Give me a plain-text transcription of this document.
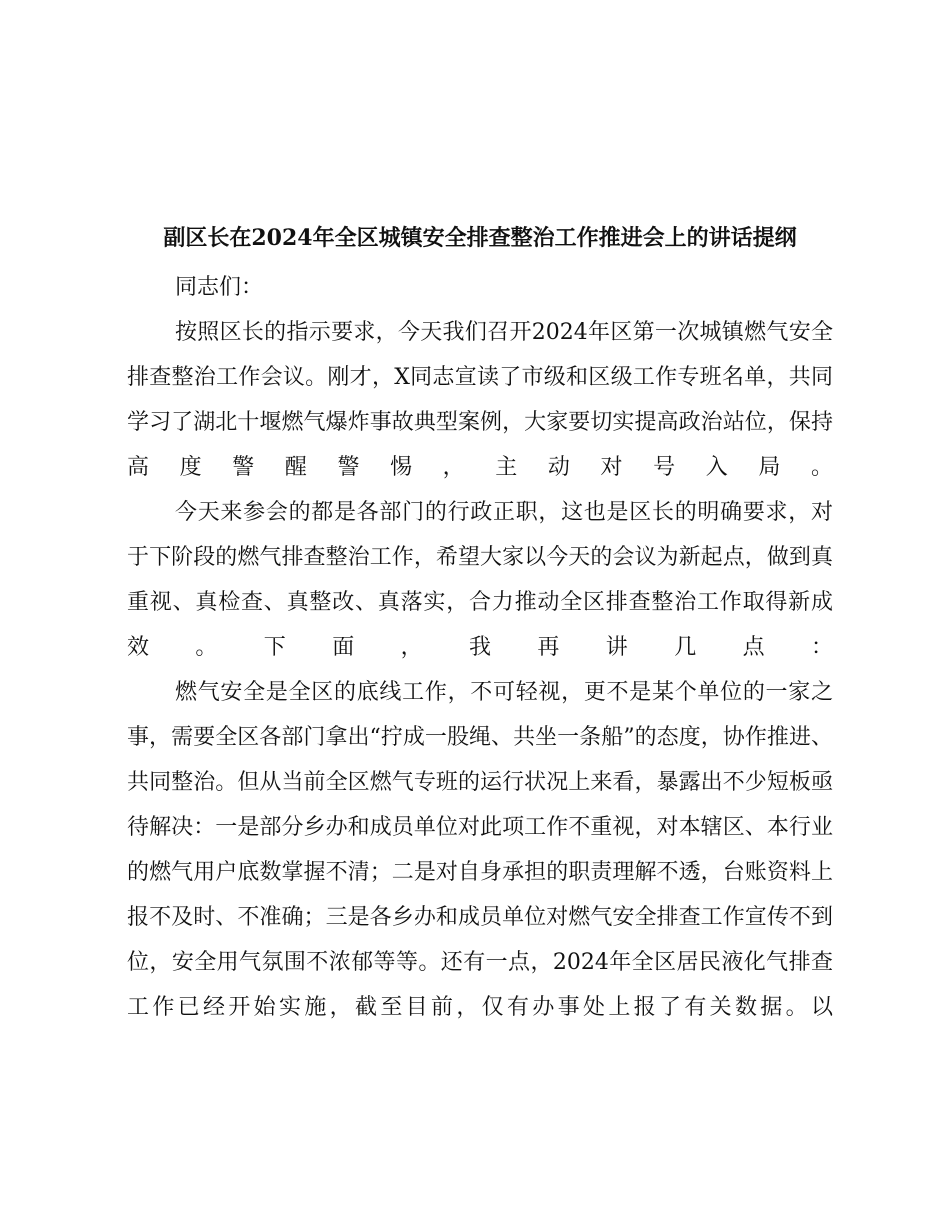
副区长在2024年全区城镇安全排查整治工作推进会上的讲话提纲

同志们：

按照区长的指示要求，今天我们召开2024年区第一次城镇燃气安全排查整治工作会议。刚才，X同志宣读了市级和区级工作专班名单，共同学习了湖北十堰燃气爆炸事故典型案例，大家要切实提高政治站位，保持高度警醒警惕，主动对号入局。

今天来参会的都是各部门的行政正职，这也是区长的明确要求，对于下阶段的燃气排查整治工作，希望大家以今天的会议为新起点，做到真重视、真检查、真整改、真落实，合力推动全区排查整治工作取得新成效。下面，我再讲几点：

燃气安全是全区的底线工作，不可轻视，更不是某个单位的一家之事，需要全区各部门拿出“拧成一股绳、共坐一条船”的态度，协作推进、共同整治。但从当前全区燃气专班的运行状况上来看，暴露出不少短板亟待解决：一是部分乡办和成员单位对此项工作不重视，对本辖区、本行业的燃气用户底数掌握不清；二是对自身承担的职责理解不透，台账资料上报不及时、不准确；三是各乡办和成员单位对燃气安全排查工作宣传不到位，安全用气氛围不浓郁等等。还有一点，2024年全区居民液化气排查工作已经开始实施，截至目前，仅有办事处上报了有关数据。以
